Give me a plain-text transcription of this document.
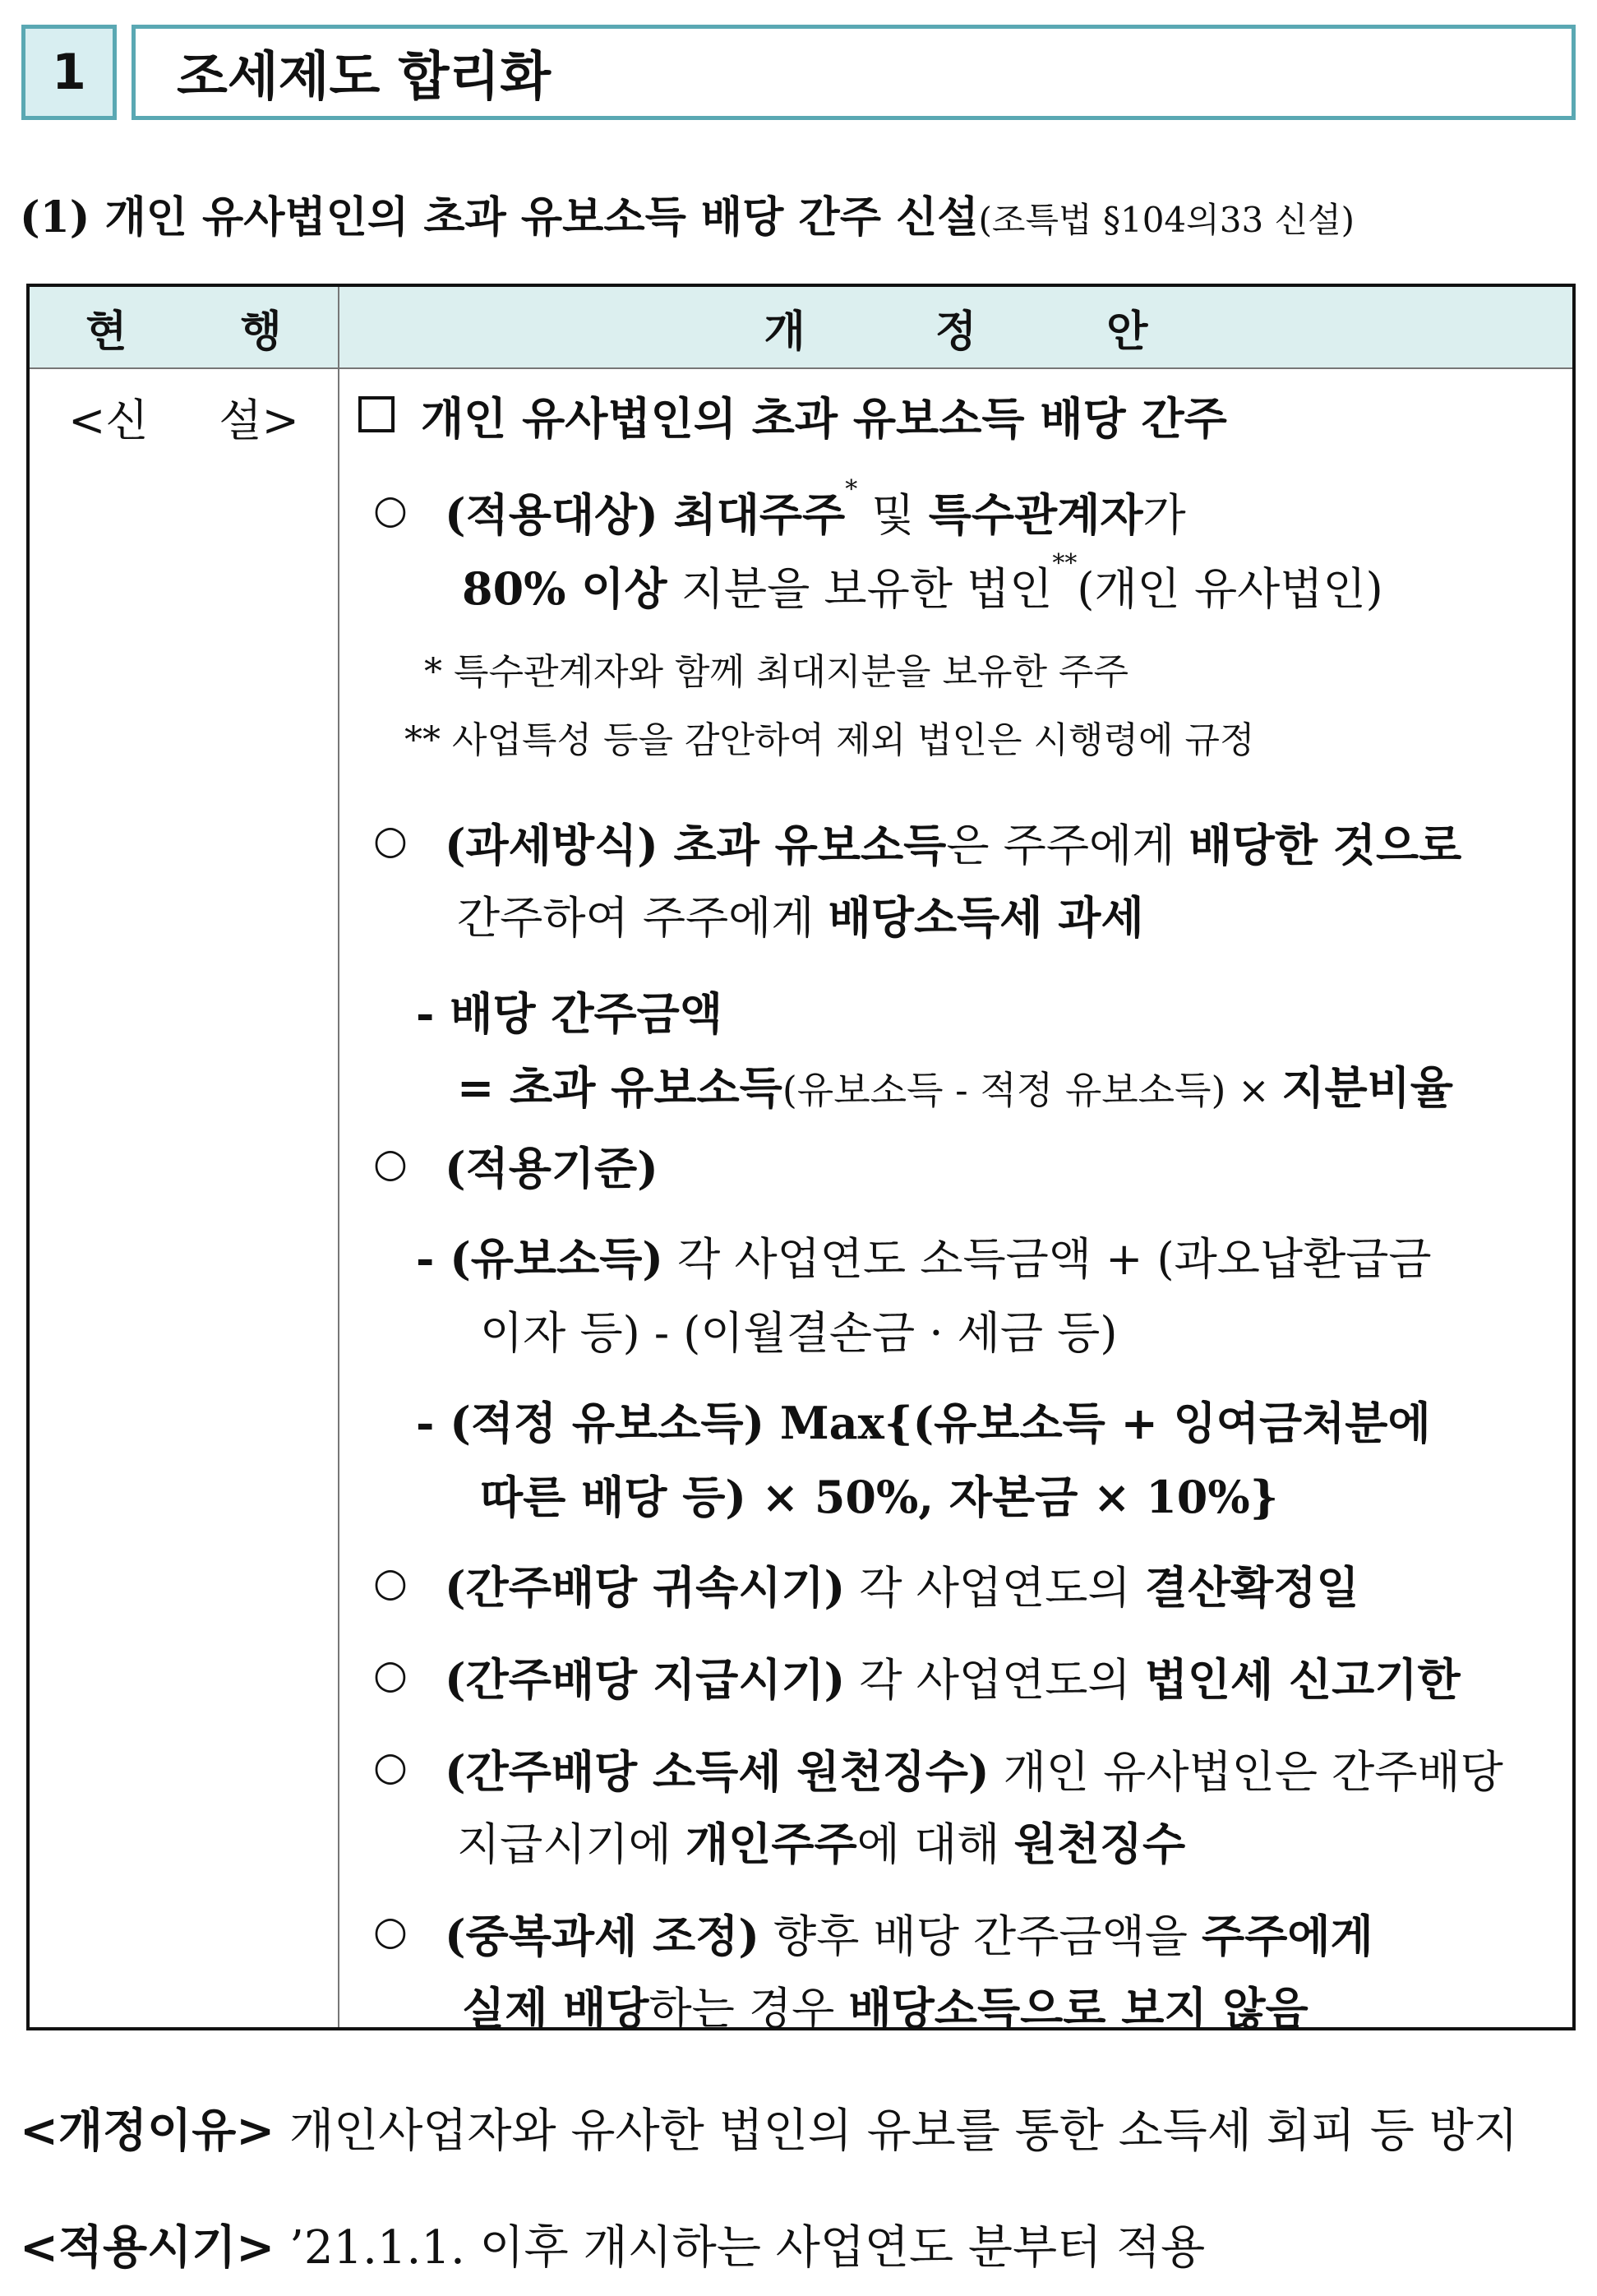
1	조세제도 합리화
(1) 개인 유사법인의 초과 유보소득 배당 간주 신설(조특법 §104의33 신설)
현 행	개 정 안
<신     설>	개인 유사법인의 초과 유보소득 배당 간주
○ (적용대상) 최대주주* 및 특수관계자가
80% 이상 지분을 보유한 법인**(개인 유사법인)
* 특수관계자와 함께 최대지분을 보유한 주주
** 사업특성 등을 감안하여 제외 법인은 시행령에 규정
○ (과세방식) 초과 유보소득은 주주에게 배당한 것으로
간주하여 주주에게 배당소득세 과세
- 배당 간주금액
= 초과 유보소득(유보소득 - 적정 유보소득) × 지분비율
○ (적용기준)
- (유보소득) 각 사업연도 소득금액 + (과오납환급금
이자 등) - (이월결손금 · 세금 등)
- (적정 유보소득) Max{(유보소득 + 잉여금처분에
따른 배당 등) × 50%, 자본금 × 10%}
○ (간주배당 귀속시기) 각 사업연도의 결산확정일
○ (간주배당 지급시기) 각 사업연도의 법인세 신고기한
○ (간주배당 소득세 원천징수) 개인 유사법인은 간주배당
지급시기에 개인주주에 대해 원천징수
○ (중복과세 조정) 향후 배당 간주금액을 주주에게
실제 배당하는 경우 배당소득으로 보지 않음
<개정이유> 개인사업자와 유사한 법인의 유보를 통한 소득세 회피 등 방지
<적용시기> ’21.1.1. 이후 개시하는 사업연도 분부터 적용
